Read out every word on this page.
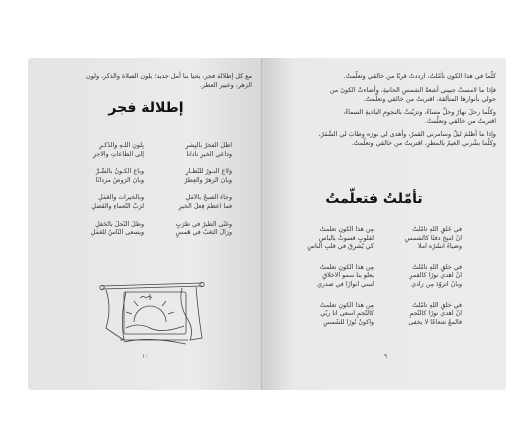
مع كل إطلالة فجر، يحيا بنا أمل جديد؛ بلون الصلاة والذكر، ولون
الزهر، وعبير العطر.
إطلالة فجر
أطلّ الفجرُ بالبِشرِ
وداعي الخيرِ نادانا
وَلاحَ النـورُ للنُّظّـارِ
وبانَ الزهرُ والعِطرُ
وجاءَ الصبحُ بالأمَلِ
فما أعظمَ فِعلَ الخيرِ
وغنّى الطَّيرُ في طَرَبٍ
وزالَ التعَبُ في هَمسٍ
بِلَونِ اللّـهِ والذِّكـرِ
إلى الطاعاتِ والأجرِ
وباحَ الكـونُ بالسِّـرِّ
وبانَ الرَوضُ مزدانًا
وبالخيرات والعَمَلِ
لرَبِّ النَّعماءِ والفَضلِ
وطَلَّ النَّحلُ بالحَقلِ
ويسعى النّاسُ للعَمَلِ
١٠
كلّما في هذا الكون تأمّلتُ، ازددتُ قربًا من خالقي وتعلّمتُ.
فإذا ما لامستْ جبيني أشعةُ الشمسِ الحانيةِ، وأضاءتْ الكونَ من
حولي بأنوارها المتألقة، اقتربتُ من خالقي وتعلّمتُ.
وكلّما رحلَ نهارٌ وحلَّ مساءٌ، وتزيّنتْ بالنجومِ الباديةِ السماءُ،
اقتربتُ من خالقي وتعلّمتُ.
وإذا ما أظلمَ ليلٌ وسامرني القمرُ، وأهدى لي نورَه وطابَ لي السَّمَرُ،
وكلّما بشّرني الغيمُ بالمطرِ، اقتربتُ من خالقي وتعلّمتُ.
تأمّلتُ فتعلّمتُ
في خَلقِ اللهِ تأمّلتُ
أنْ أُمنِحَ دفئًا كالشمسِ
وضياءً أنشُرُه آملاً
في خلقِ اللهِ تأمّلتُ
أنْ أهدي نورًا كالقمرِ
وبأنْ أتزوّدَ مِن زادي
في خلقِ اللهِ تأمّلتُ
أنْ أهدي نورًا كالنّجمِ
فألمعُ شعاعًا لا يخفى
مِن هذا الكونِ تعلّمتُ
لقلوبٍ قسوتْ بالبأسِ
كي يُشرِقَ في قلبِ الناسِ
مِن هذا الكونِ تعلّمتُ
يعلو بنا سمو الأخلاقِ
لنبني أنوارًا في صدري
مِن هذا الكونِ تعلّمتُ
كالنّجمِ أسعى أنا ربّي
وأكونُ نُورًا للشّمسِ
٩
